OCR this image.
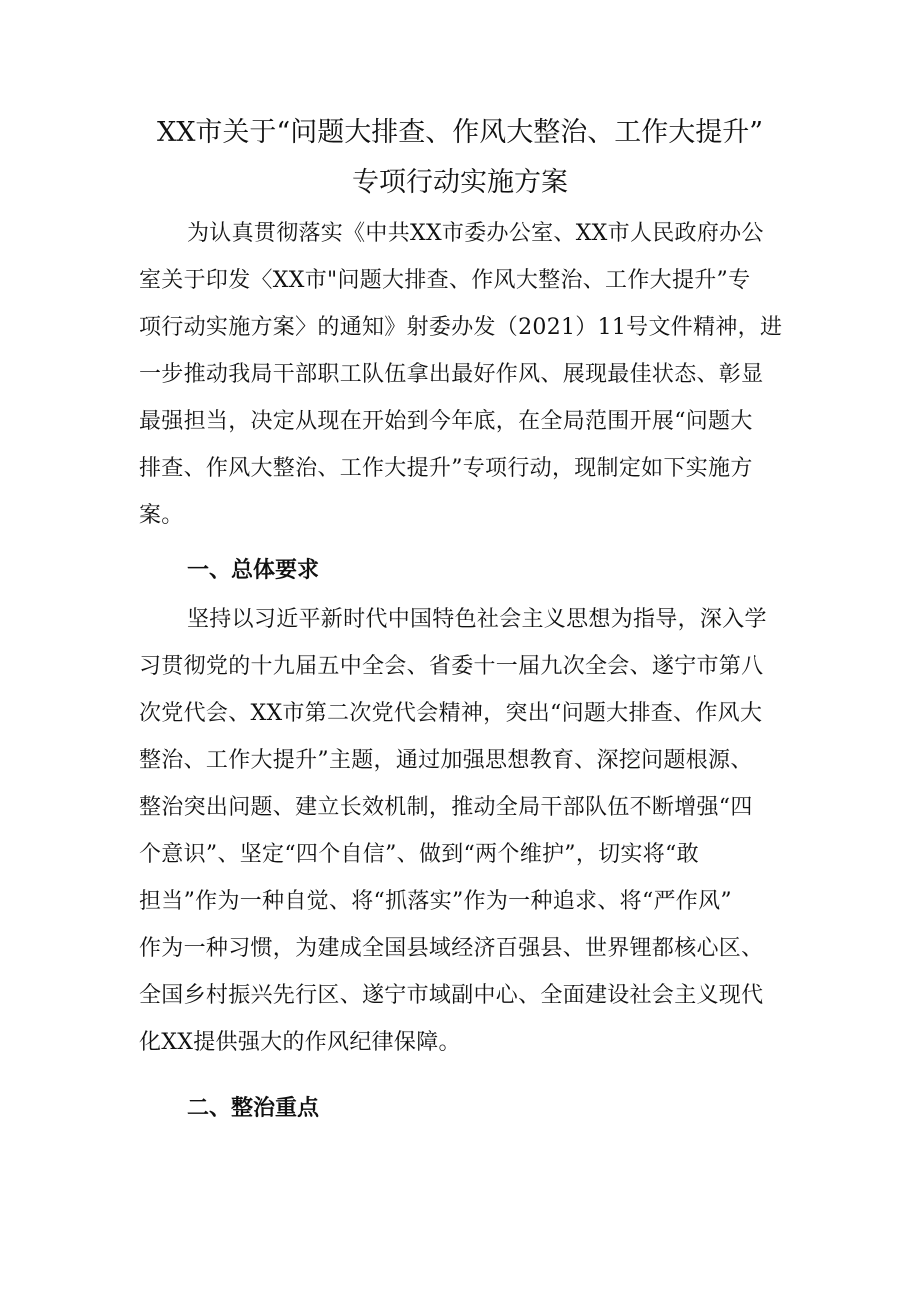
XX市关于“问题大排查、作风大整治、工作大提升”
专项行动实施方案
为认真贯彻落实《中共XX市委办公室、XX市人民政府办公
室关于印发〈XX市"问题大排查、作风大整治、工作大提升”专
项行动实施方案〉的通知》射委办发（2021）11号文件精神，进
一步推动我局干部职工队伍拿出最好作风、展现最佳状态、彰显
最强担当，决定从现在开始到今年底，在全局范围开展“问题大
排查、作风大整治、工作大提升”专项行动，现制定如下实施方
案。
一、总体要求
坚持以习近平新时代中国特色社会主义思想为指导，深入学
习贯彻党的十九届五中全会、省委十一届九次全会、遂宁市第八
次党代会、XX市第二次党代会精神，突出“问题大排查、作风大
整治、工作大提升”主题，通过加强思想教育、深挖问题根源、
整治突出问题、建立长效机制，推动全局干部队伍不断增强“四
个意识”、坚定“四个自信”、做到“两个维护”，切实将“敢
担当”作为一种自觉、将“抓落实”作为一种追求、将“严作风”
作为一种习惯，为建成全国县域经济百强县、世界锂都核心区、
全国乡村振兴先行区、遂宁市域副中心、全面建设社会主义现代
化XX提供强大的作风纪律保障。
二、整治重点
